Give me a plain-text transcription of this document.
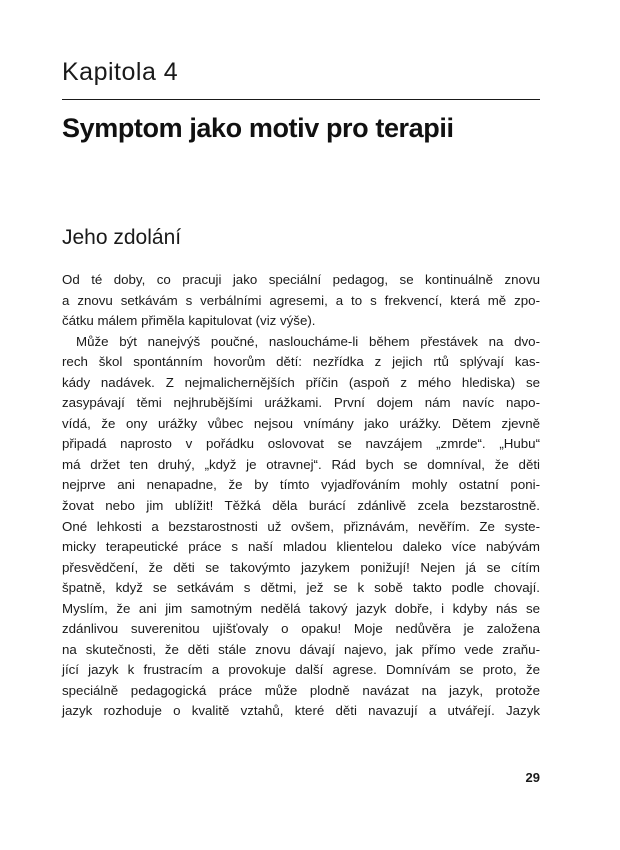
Kapitola 4
Symptom jako motiv pro terapii
Jeho zdolání
Od té doby, co pracuji jako speciální pedagog, se kontinuálně znovu
a znovu setkávám s verbálními agresemi, a to s frekvencí, která mě zpo-
čátku málem přiměla kapitulovat (viz výše).
Může být nanejvýš poučné, nasloucháme-li během přestávek na dvo-
rech škol spontánním hovorům dětí: nezřídka z jejich rtů splývají kas-
kády nadávek. Z nejmalichernějších příčin (aspoň z mého hlediska) se
zasypávají těmi nejhrubějšími urážkami. První dojem nám navíc napo-
vídá, že ony urážky vůbec nejsou vnímány jako urážky. Dětem zjevně
připadá naprosto v pořádku oslovovat se navzájem „zmrde“. „Hubu“
má držet ten druhý, „když je otravnej“. Rád bych se domníval, že děti
nejprve ani nenapadne, že by tímto vyjadřováním mohly ostatní poni-
žovat nebo jim ublížit! Těžká děla burácí zdánlivě zcela bezstarostně.
Oné lehkosti a bezstarostnosti už ovšem, přiznávám, nevěřím. Ze syste-
micky terapeutické práce s naší mladou klientelou daleko více nabývám
přesvědčení, že děti se takovýmto jazykem ponižují! Nejen já se cítím
špatně, když se setkávám s dětmi, jež se k sobě takto podle chovají.
Myslím, že ani jim samotným nedělá takový jazyk dobře, i kdyby nás se
zdánlivou suverenitou ujišťovaly o opaku! Moje nedůvěra je založena
na skutečnosti, že děti stále znovu dávají najevo, jak přímo vede zraňu-
jící jazyk k frustracím a provokuje další agrese. Domnívám se proto, že
speciálně pedagogická práce může plodně navázat na jazyk, protože
jazyk rozhoduje o kvalitě vztahů, které děti navazují a utvářejí. Jazyk
29
